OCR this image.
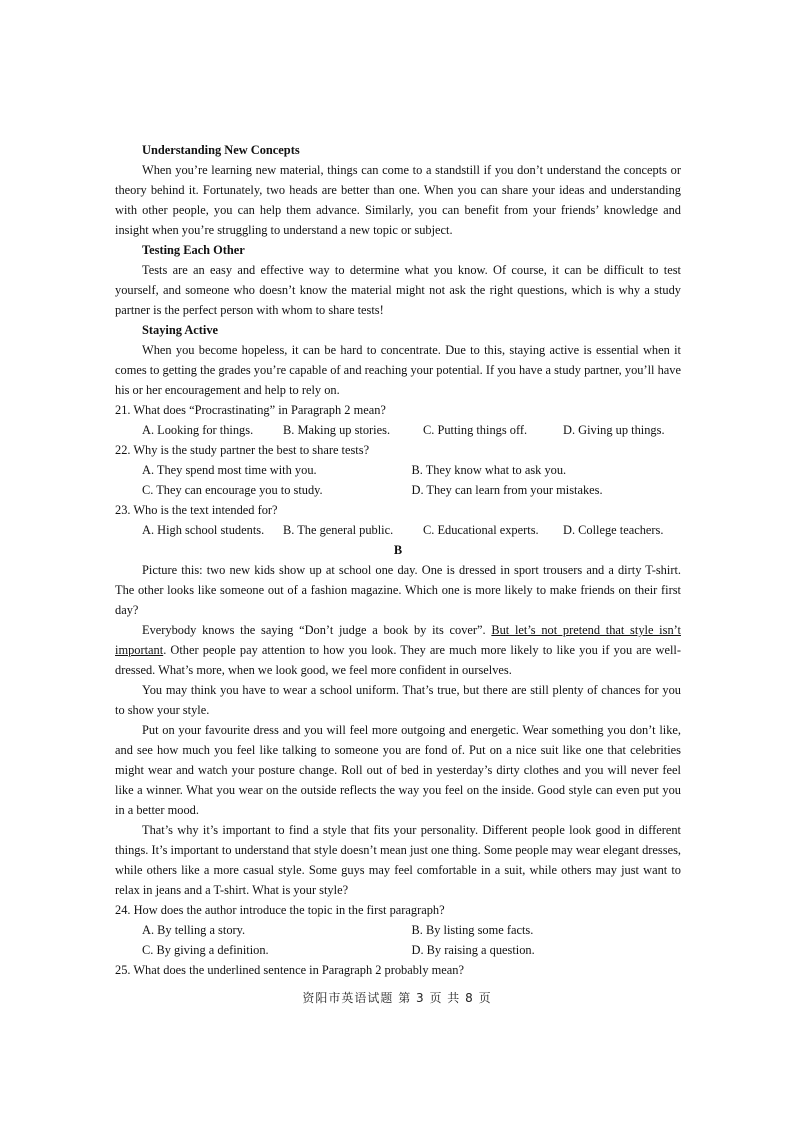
Understanding New Concepts

When you’re learning new material, things can come to a standstill if you don’t understand the concepts or theory behind it. Fortunately, two heads are better than one. When you can share your ideas and understanding with other people, you can help them advance. Similarly, you can benefit from your friends’ knowledge and insight when you’re struggling to understand a new topic or subject.

Testing Each Other

Tests are an easy and effective way to determine what you know. Of course, it can be difficult to test yourself, and someone who doesn’t know the material might not ask the right questions, which is why a study partner is the perfect person with whom to share tests!

Staying Active

When you become hopeless, it can be hard to concentrate. Due to this, staying active is essential when it comes to getting the grades you’re capable of and reaching your potential. If you have a study partner, you’ll have his or her encouragement and help to rely on.

21. What does “Procrastinating” in Paragraph 2 mean?

A. Looking for things.	B. Making up stories.	C. Putting things off.	D. Giving up things.

22. Why is the study partner the best to share tests?

A. They spend most time with you.	B. They know what to ask you.
C. They can encourage you to study.	D. They can learn from your mistakes.

23. Who is the text intended for?

A. High school students.	B. The general public.	C. Educational experts.	D. College teachers.
B

Picture this: two new kids show up at school one day. One is dressed in sport trousers and a dirty T-shirt. The other looks like someone out of a fashion magazine. Which one is more likely to make friends on their first day?

Everybody knows the saying “Don’t judge a book by its cover”. But let’s not pretend that style isn’t important. Other people pay attention to how you look. They are much more likely to like you if you are well-dressed. What’s more, when we look good, we feel more confident in ourselves.

You may think you have to wear a school uniform. That’s true, but there are still plenty of chances for you to show your style.

Put on your favourite dress and you will feel more outgoing and energetic. Wear something you don’t like, and see how much you feel like talking to someone you are fond of. Put on a nice suit like one that celebrities might wear and watch your posture change. Roll out of bed in yesterday’s dirty clothes and you will never feel like a winner. What you wear on the outside reflects the way you feel on the inside. Good style can even put you in a better mood.

That’s why it’s important to find a style that fits your personality. Different people look good in different things. It’s important to understand that style doesn’t mean just one thing. Some people may wear elegant dresses, while others like a more casual style. Some guys may feel comfortable in a suit, while others may just want to relax in jeans and a T-shirt. What is your style?

24. How does the author introduce the topic in the first paragraph?

A. By telling a story.	B. By listing some facts.
C. By giving a definition.	D. By raising a question.

25. What does the underlined sentence in Paragraph 2 probably mean?

资阳市英语试题 第 3 页 共 8 页
